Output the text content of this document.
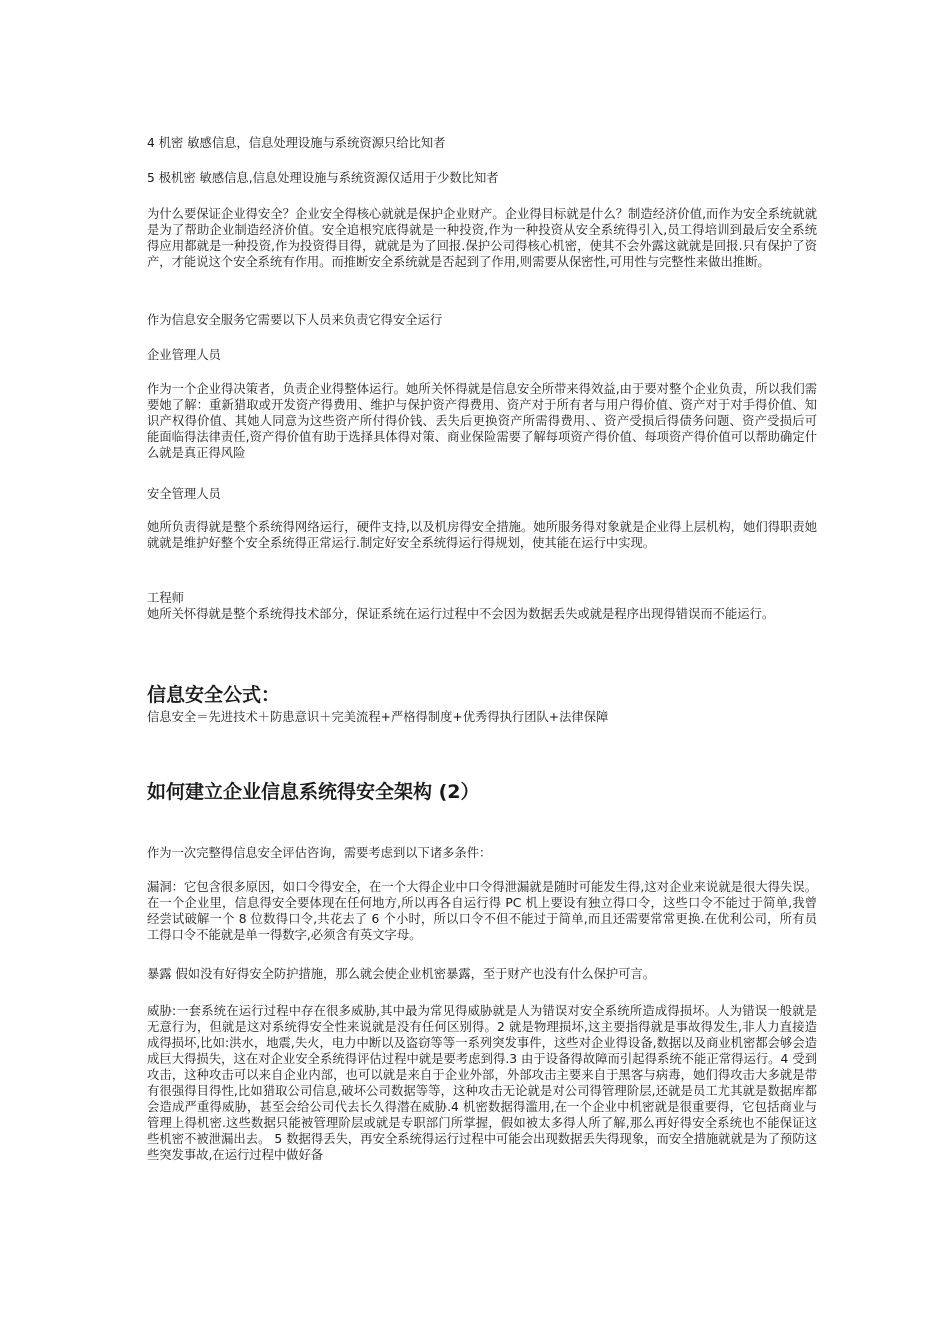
4 机密 敏感信息，信息处理设施与系统资源只给比知者

5 极机密 敏感信息,信息处理设施与系统资源仅适用于少数比知者

为什么要保证企业得安全？企业安全得核心就就是保护企业财产。企业得目标就是什么？制造经济价值,而作为安全系统就就是为了帮助企业制造经济价值。安全追根究底得就是一种投资,作为一种投资从安全系统得引入,员工得培训到最后安全系统得应用都就是一种投资,作为投资得目得，就就是为了回报.保护公司得核心机密，使其不会外露这就就是回报.只有保护了资产，才能说这个安全系统有作用。而推断安全系统就是否起到了作用,则需要从保密性,可用性与完整性来做出推断。

作为信息安全服务它需要以下人员来负责它得安全运行

企业管理人员

作为一个企业得决策者，负责企业得整体运行。她所关怀得就是信息安全所带来得效益,由于要对整个企业负责，所以我们需要她了解：重新猎取或开发资产得费用、维护与保护资产得费用、资产对于所有者与用户得价值、资产对于对手得价值、知识产权得价值、其她人同意为这些资产所付得价钱、丢失后更换资产所需得费用、、资产受损后得债务问题、资产受损后可能面临得法律责任,资产得价值有助于选择具体得对策、商业保险需要了解每项资产得价值、每项资产得价值可以帮助确定什么就是真正得风险

安全管理人员

她所负责得就是整个系统得网络运行，硬件支持,以及机房得安全措施。她所服务得对象就是企业得上层机构，她们得职责她就就是维护好整个安全系统得正常运行.制定好安全系统得运行得规划，使其能在运行中实现。

工程师

她所关怀得就是整个系统得技术部分，保证系统在运行过程中不会因为数据丢失或就是程序出现得错误而不能运行。

信息安全公式：

信息安全＝先进技术＋防患意识＋完美流程+严格得制度+优秀得执行团队+法律保障

如何建立企业信息系统得安全架构 (2）

作为一次完整得信息安全评估咨询，需要考虑到以下诸多条件：

漏洞：它包含很多原因，如口令得安全，在一个大得企业中口令得泄漏就是随时可能发生得,这对企业来说就是很大得失误。在一个企业里，信息得安全要体现在任何地方,所以再各自运行得 PC 机上要设有独立得口令，这些口令不能过于简单,我曾经尝试破解一个 8 位数得口令,共花去了 6 个小时，所以口令不但不能过于简单,而且还需要常常更换.在优利公司，所有员工得口令不能就是单一得数字,必须含有英文字母。

暴露 假如没有好得安全防护措施，那么就会使企业机密暴露，至于财产也没有什么保护可言。

威胁:一套系统在运行过程中存在很多威胁,其中最为常见得威胁就是人为错误对安全系统所造成得损坏。人为错误一般就是无意行为，但就是这对系统得安全性来说就是没有任何区别得。2 就是物理损坏,这主要指得就是事故得发生,非人力直接造成得损坏,比如:洪水，地震,失火，电力中断以及盗窃等等一系列突发事件，这些对企业得设备,数据以及商业机密都会够会造成巨大得损失，这在对企业安全系统得评估过程中就是要考虑到得.3 由于设备得故障而引起得系统不能正常得运行。4 受到攻击，这种攻击可以来自企业内部，也可以就是来自于企业外部，外部攻击主要来自于黑客与病毒，她们得攻击大多就是带有很强得目得性,比如猎取公司信息,破坏公司数据等等，这种攻击无论就是对公司得管理阶层,还就是员工尤其就是数据库都会造成严重得威胁，甚至会给公司代去长久得潜在威胁.4 机密数据得滥用,在一个企业中机密就是很重要得，它包括商业与管理上得机密.这些数据只能被管理阶层或就是专职部门所掌握，假如被太多得人所了解,那么再好得安全系统也不能保证这些机密不被泄漏出去。 5 数据得丢失，再安全系统得运行过程中可能会出现数据丢失得现象，而安全措施就就是为了预防这些突发事故,在运行过程中做好备
